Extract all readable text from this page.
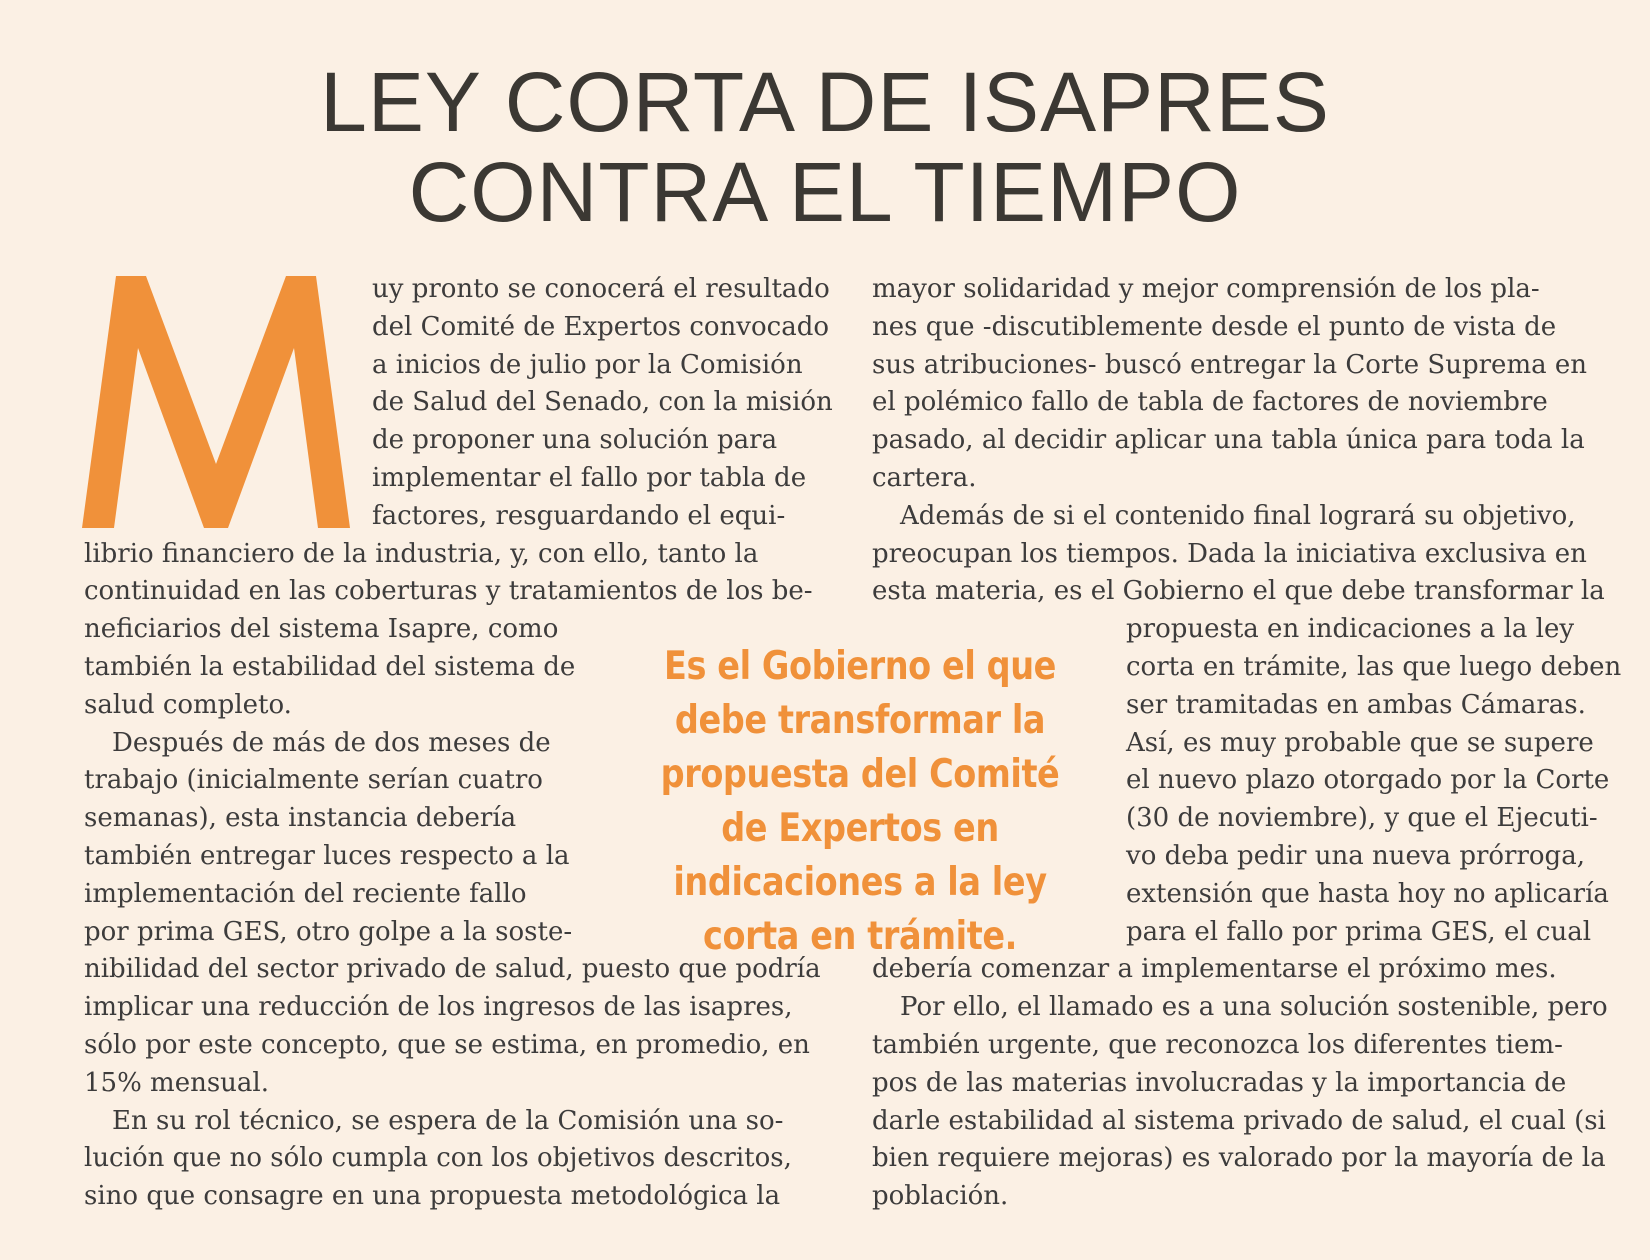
LEY CORTA DE ISAPRES
CONTRA EL TIEMPO
uy pronto se conocerá el resultado
del Comité de Expertos convocado
a inicios de julio por la Comisión
de Salud del Senado, con la misión
de proponer una solución para
implementar el fallo por tabla de
factores, resguardando el equi-
librio financiero de la industria, y, con ello, tanto la
continuidad en las coberturas y tratamientos de los be-
neficiarios del sistema Isapre, como
también la estabilidad del sistema de
salud completo.
Después de más de dos meses de
trabajo (inicialmente serían cuatro
semanas), esta instancia debería
también entregar luces respecto a la
implementación del reciente fallo
por prima GES, otro golpe a la soste-
nibilidad del sector privado de salud, puesto que podría
implicar una reducción de los ingresos de las isapres,
sólo por este concepto, que se estima, en promedio, en
15% mensual.
En su rol técnico, se espera de la Comisión una so-
lución que no sólo cumpla con los objetivos descritos,
sino que consagre en una propuesta metodológica la
mayor solidaridad y mejor comprensión de los pla-
nes que -discutiblemente desde el punto de vista de
sus atribuciones- buscó entregar la Corte Suprema en
el polémico fallo de tabla de factores de noviembre
pasado, al decidir aplicar una tabla única para toda la
cartera.
Además de si el contenido final logrará su objetivo,
preocupan los tiempos. Dada la iniciativa exclusiva en
esta materia, es el Gobierno el que debe transformar la
propuesta en indicaciones a la ley
corta en trámite, las que luego deben
ser tramitadas en ambas Cámaras.
Así, es muy probable que se supere
el nuevo plazo otorgado por la Corte
(30 de noviembre), y que el Ejecuti-
vo deba pedir una nueva prórroga,
extensión que hasta hoy no aplicaría
para el fallo por prima GES, el cual
debería comenzar a implementarse el próximo mes.
Por ello, el llamado es a una solución sostenible, pero
también urgente, que reconozca los diferentes tiem-
pos de las materias involucradas y la importancia de
darle estabilidad al sistema privado de salud, el cual (si
bien requiere mejoras) es valorado por la mayoría de la
población.
Es el Gobierno el que debe transformar la propuesta del Comité de Expertos en indicaciones a la ley corta en trámite.
